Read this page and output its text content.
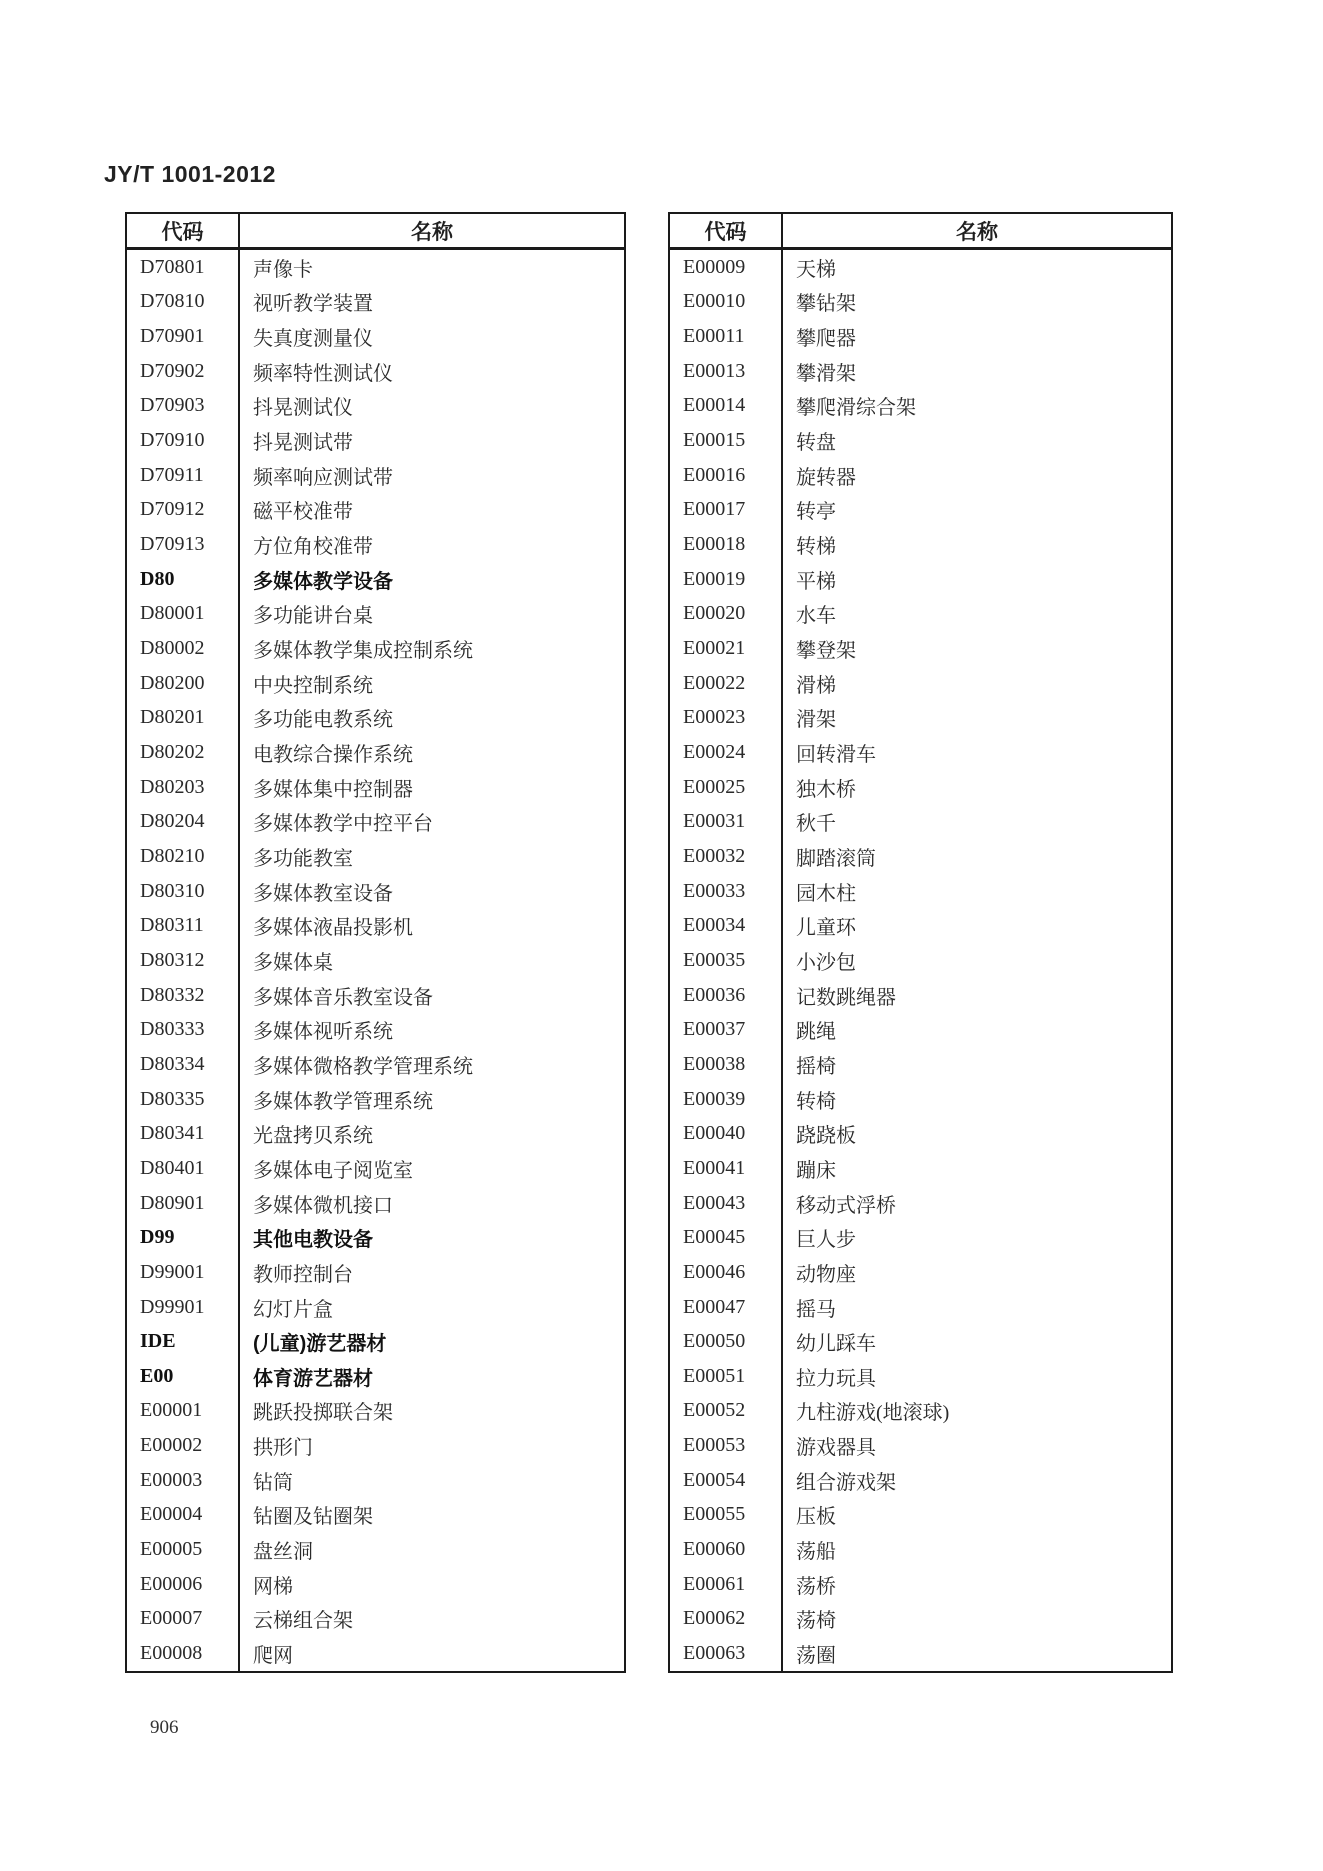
JY/T 1001-2012
代码	名称
D70801	声像卡
D70810	视听教学装置
D70901	失真度测量仪
D70902	频率特性测试仪
D70903	抖晃测试仪
D70910	抖晃测试带
D70911	频率响应测试带
D70912	磁平校准带
D70913	方位角校准带
D80	多媒体教学设备
D80001	多功能讲台桌
D80002	多媒体教学集成控制系统
D80200	中央控制系统
D80201	多功能电教系统
D80202	电教综合操作系统
D80203	多媒体集中控制器
D80204	多媒体教学中控平台
D80210	多功能教室
D80310	多媒体教室设备
D80311	多媒体液晶投影机
D80312	多媒体桌
D80332	多媒体音乐教室设备
D80333	多媒体视听系统
D80334	多媒体微格教学管理系统
D80335	多媒体教学管理系统
D80341	光盘拷贝系统
D80401	多媒体电子阅览室
D80901	多媒体微机接口
D99	其他电教设备
D99001	教师控制台
D99901	幻灯片盒
IDE	(儿童)游艺器材
E00	体育游艺器材
E00001	跳跃投掷联合架
E00002	拱形门
E00003	钻筒
E00004	钻圈及钻圈架
E00005	盘丝洞
E00006	网梯
E00007	云梯组合架
E00008	爬网
代码	名称
E00009	天梯
E00010	攀钻架
E00011	攀爬器
E00013	攀滑架
E00014	攀爬滑综合架
E00015	转盘
E00016	旋转器
E00017	转亭
E00018	转梯
E00019	平梯
E00020	水车
E00021	攀登架
E00022	滑梯
E00023	滑架
E00024	回转滑车
E00025	独木桥
E00031	秋千
E00032	脚踏滚筒
E00033	园木柱
E00034	儿童环
E00035	小沙包
E00036	记数跳绳器
E00037	跳绳
E00038	摇椅
E00039	转椅
E00040	跷跷板
E00041	蹦床
E00043	移动式浮桥
E00045	巨人步
E00046	动物座
E00047	摇马
E00050	幼儿踩车
E00051	拉力玩具
E00052	九柱游戏(地滚球)
E00053	游戏器具
E00054	组合游戏架
E00055	压板
E00060	荡船
E00061	荡桥
E00062	荡椅
E00063	荡圈
906
